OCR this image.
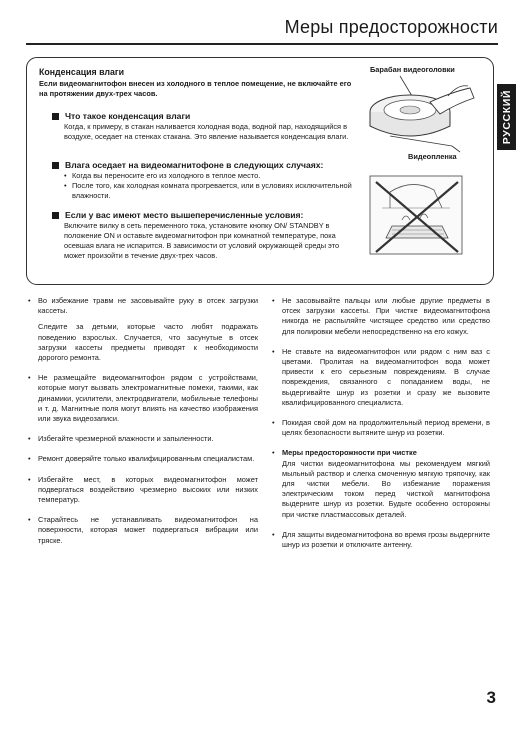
Меры предосторожности
РУССКИЙ
Конденсация влаги
Если видеомагнитофон внесен из холодного в теплое помещение, не включайте его на протяжении двух-трех часов.
Что такое конденсация влаги
Когда, к примеру, в стакан наливается холодная вода, водной пар, находящийся в воздухе, оседает на стенках стакана. Это явление называется конденсация влаги.
Влага оседает на видеомагнитофоне в следующих случаях:
• Когда вы переносите его из холодного в теплое место.
• После того, как холодная комната прогревается, или в условиях исключительной влажности.
Если у вас имеют место вышеперечисленные условия:
Включите вилку в сеть переменного тока, установите кнопку ON/ STANDBY в положение ON и оставьте видеомагнитофон при комнатной температуре, пока осевшая влага не испарится. В зависимости от условий окружающей среды это может произойти в течение двух-трех часов.
Барабан видеоголовки
Видеопленка
• Во избежание травм не засовывайте руку в отсек загрузки кассеты.
Следите за детьми, которые часто любят подражать поведению взрослых. Случается, что засунутые в отсек загрузки кассеты предметы приводят к необходимости дорогого ремонта.
• Не размещайте видеомагнитофон рядом с устройствами, которые могут вызвать электромагнитные помехи, такими, как динамики, усилители, электродвигатели, мобильные телефоны и т. д. Магнитные поля могут влиять на качество изображения или звука видеозаписи.
• Избегайте чрезмерной влажности и запыленности.
• Ремонт доверяйте только квалифицированным специалистам.
• Избегайте мест, в которых видеомагнитофон может подвергаться воздействию чрезмерно высоких или низких температур.
• Старайтесь не устанавливать видеомагнитофон на поверхности, которая может подвергаться вибрации или тряске.
• Не засовывайте пальцы или любые другие предметы в отсек загрузки кассеты. При чистке видеомагнитофона никогда не распыляйте чистящее средство или средство для полировки мебели непосредственно на его кожух.
• Не ставьте на видеомагнитофон или рядом с ним ваз с цветами. Пролитая на видеомагнитофон вода может привести к его серьезным повреждениям. В случае повреждения, связанного с попаданием воды, не выдергивайте шнур из розетки и сразу же вызовите квалифицированного специалиста.
• Покидая свой дом на продолжительный период времени, в целях безопасности вытяните шнур из розетки.
• Меры предосторожности при чистке
Для чистки видеомагнитофона мы рекомендуем мягкий мыльный раствор и слегка смоченную мягкую тряпочку, как для чистки мебели. Во избежание поражения электрическим током перед чисткой магнитофона выдерните шнур из розетки. Будьте особенно осторожны при чистке пластмассовых деталей.
• Для защиты видеомагнитофона во время грозы выдергните шнур из розетки и отключите антенну.
3
